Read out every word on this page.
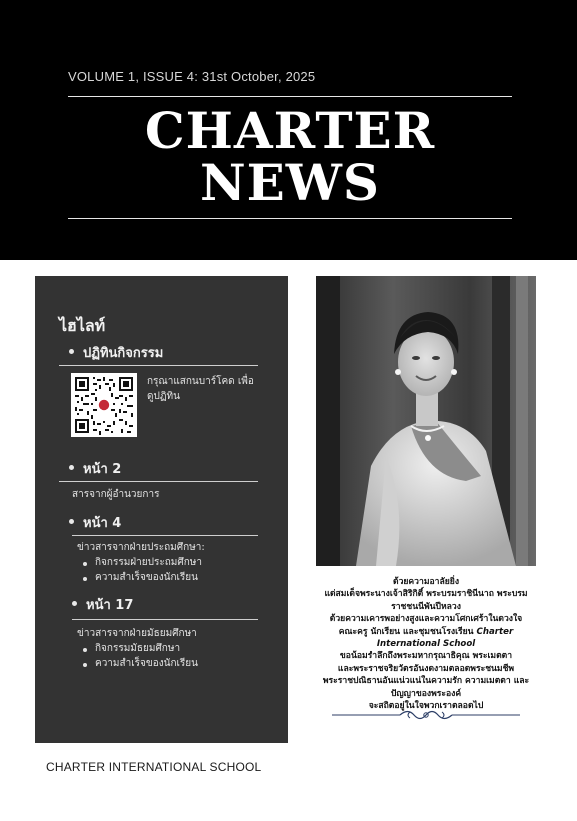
VOLUME 1, ISSUE 4: 31st October, 2025
CHARTER
NEWS
ไฮไลท์
ปฏิทินกิจกรรม
กรุณาแสกนบาร์โคด เพื่อ
ดูปฏิทิน
หน้า 2
สารจากผู้อำนวยการ
หน้า 4
ข่าวสารจากฝ่ายประถมศึกษา:
กิจกรรมฝ่ายประถมศึกษา
ความสำเร็จของนักเรียน
หน้า 17
ข่าวสารจากฝ่ายมัธยมศึกษา
กิจกรรมมัธยมศึกษา
ความสำเร็จของนักเรียน
ด้วยความอาลัยยิ่ง
แด่สมเด็จพระนางเจ้าสิริกิติ์ พระบรมราชินีนาถ พระบรม
ราชชนนีพันปีหลวง
ด้วยความเคารพอย่างสูงและความโศกเศร้าในดวงใจ
คณะครู นักเรียน และชุมชนโรงเรียน Charter
International School
ขอน้อมรำลึกถึงพระมหากรุณาธิคุณ พระเมตตา
และพระราชจริยวัตรอันงดงามตลอดพระชนมชีพ
พระราชปณิธานอันแน่วแน่ในความรัก ความเมตตา และ
ปัญญาของพระองค์
จะสถิตอยู่ในใจพวกเราตลอดไป
CHARTER INTERNATIONAL SCHOOL
